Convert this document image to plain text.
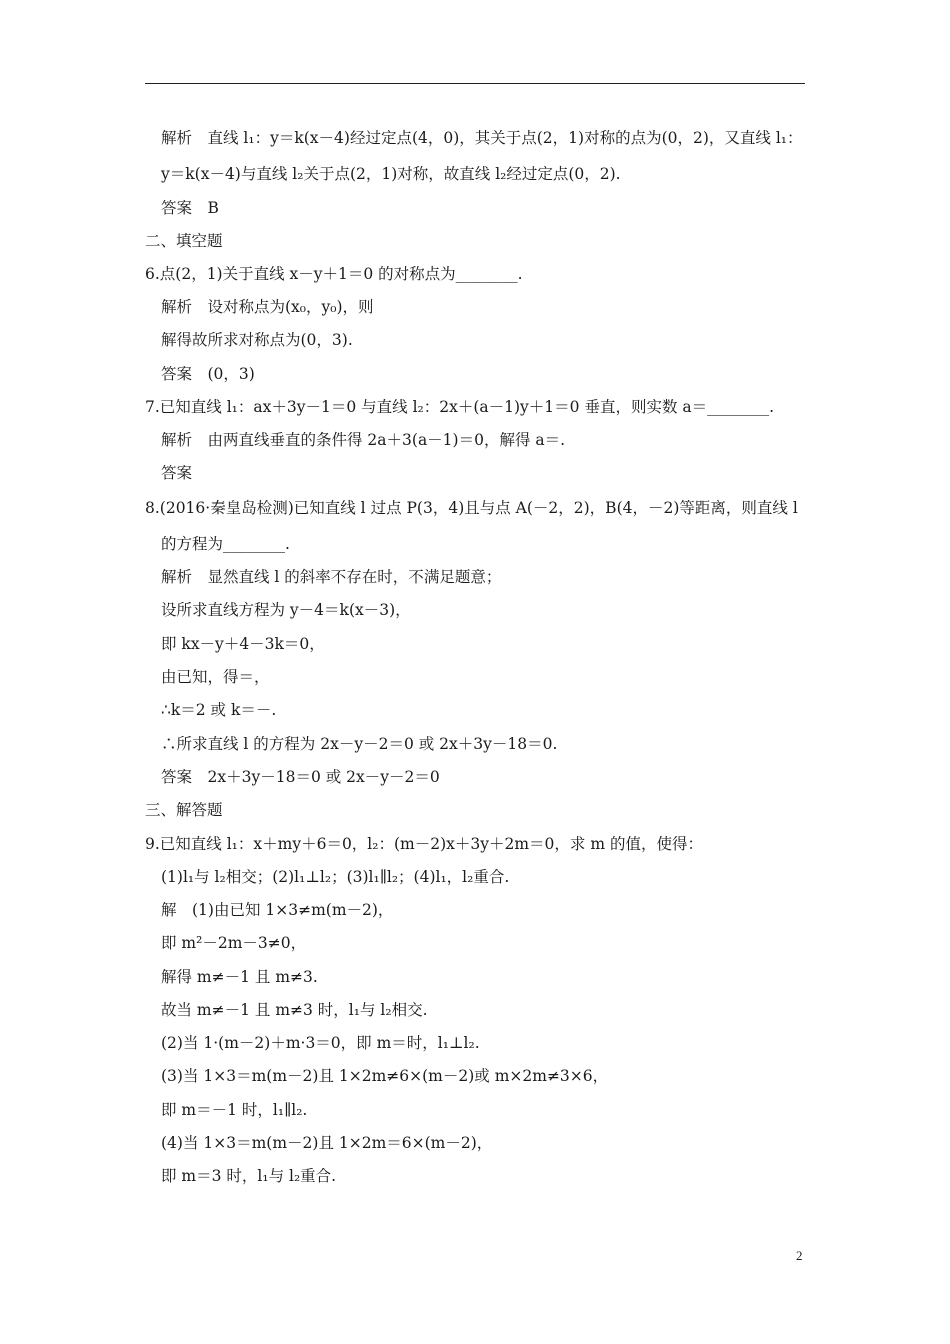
解析　直线 l₁：y＝k(x－4)经过定点(4，0)，其关于点(2，1)对称的点为(0，2)，又直线 l₁：
y＝k(x－4)与直线 l₂关于点(2，1)对称，故直线 l₂经过定点(0，2).
答案　B
二、填空题
6.点(2，1)关于直线 x－y＋1＝0 的对称点为________.
解析　设对称点为(x₀，y₀)，则
解得故所求对称点为(0，3).
答案　(0，3)
7.已知直线 l₁：ax＋3y－1＝0 与直线 l₂：2x＋(a－1)y＋1＝0 垂直，则实数 a＝________.
解析　由两直线垂直的条件得 2a＋3(a－1)＝0，解得 a＝.
答案
8.(2016·秦皇岛检测)已知直线 l 过点 P(3，4)且与点 A(－2，2)，B(4，－2)等距离，则直线 l
的方程为________.
解析　显然直线 l 的斜率不存在时，不满足题意；
设所求直线方程为 y－4＝k(x－3)，
即 kx－y＋4－3k＝0，
由已知，得＝，
∴k＝2 或 k＝－.
∴所求直线 l 的方程为 2x－y－2＝0 或 2x＋3y－18＝0.
答案　2x＋3y－18＝0 或 2x－y－2＝0
三、解答题
9.已知直线 l₁：x＋my＋6＝0，l₂：(m－2)x＋3y＋2m＝0，求 m 的值，使得：
(1)l₁与 l₂相交；(2)l₁⊥l₂；(3)l₁∥l₂；(4)l₁，l₂重合.
解　(1)由已知 1×3≠m(m－2)，
即 m²－2m－3≠0，
解得 m≠－1 且 m≠3.
故当 m≠－1 且 m≠3 时，l₁与 l₂相交.
(2)当 1·(m－2)＋m·3＝0，即 m＝时，l₁⊥l₂.
(3)当 1×3＝m(m－2)且 1×2m≠6×(m－2)或 m×2m≠3×6，
即 m＝－1 时，l₁∥l₂.
(4)当 1×3＝m(m－2)且 1×2m＝6×(m－2)，
即 m＝3 时，l₁与 l₂重合.
2
